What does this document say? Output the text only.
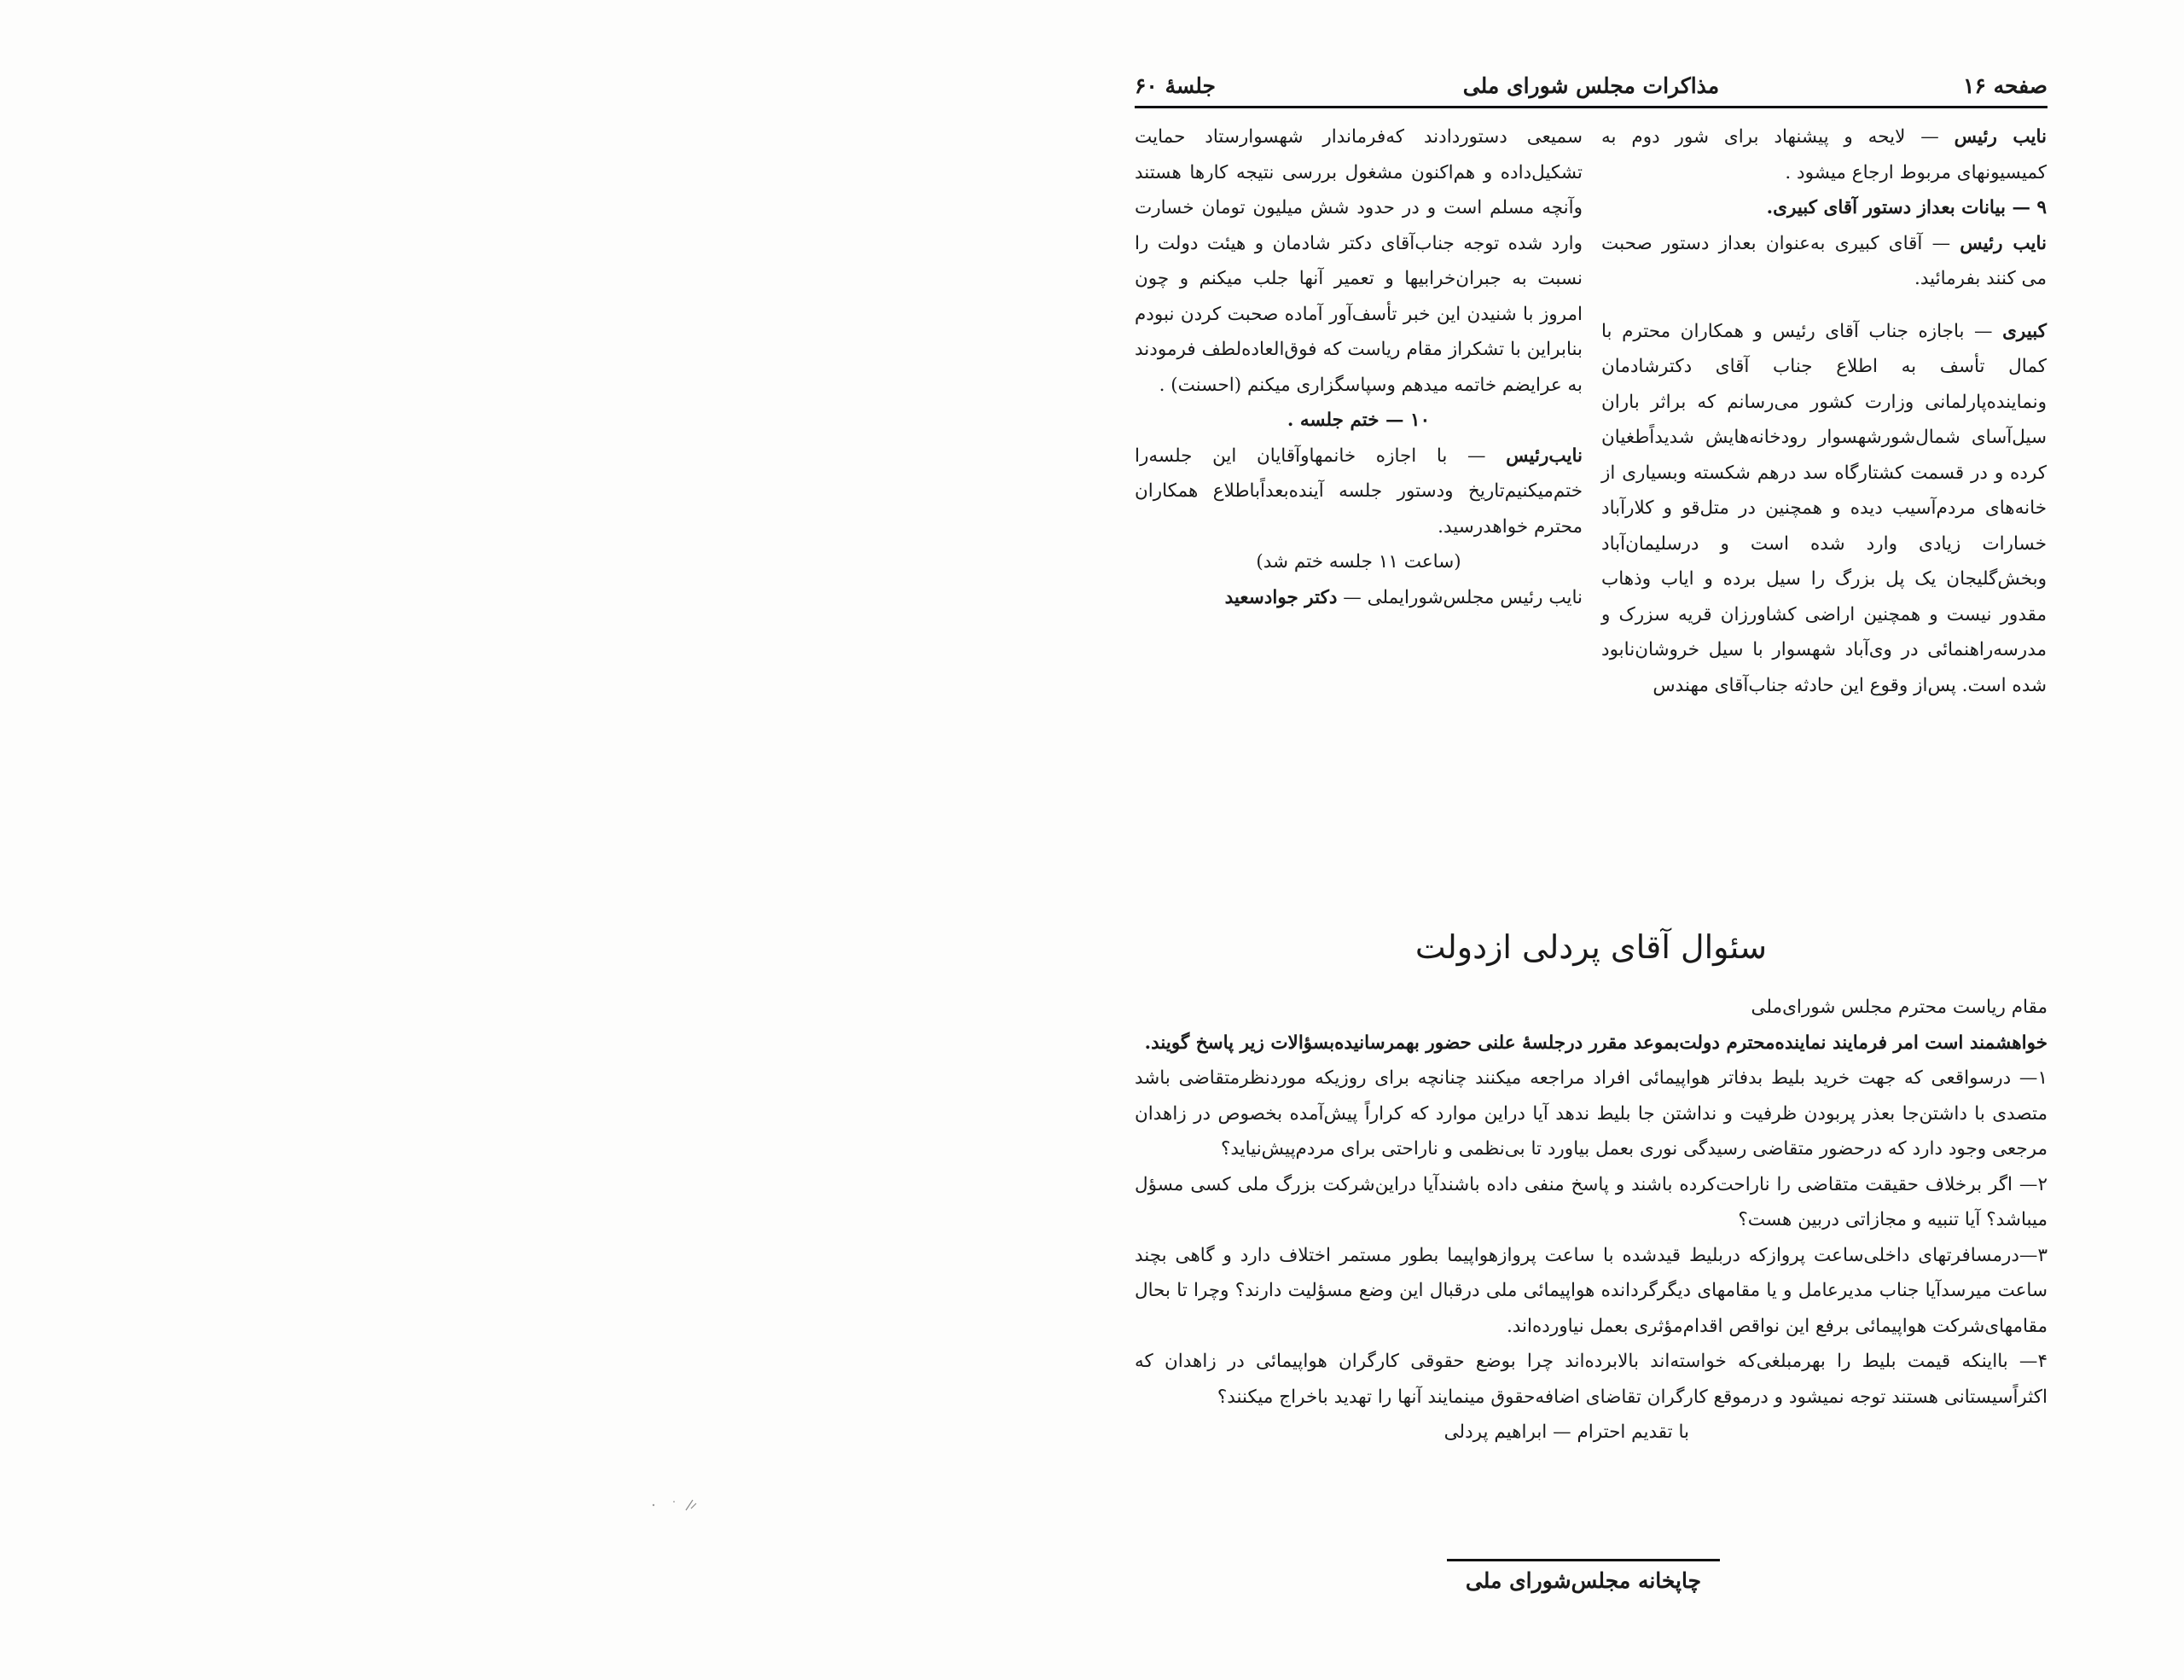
صفحه ۱۶
مذاکرات مجلس شورای ملی
جلسهٔ ۶۰

نایب رئیس — لایحه و پیشنهاد برای شور دوم به کمیسیونهای مربوط ارجاع میشود .

۹ — بیانات بعداز دستور آقای کبیری.

نایب رئیس — آقای کبیری به‌عنوان بعداز دستور صحبت می کنند بفرمائید.

کبیری — باجازه جناب آقای رئیس و همکاران محترم با کمال تأسف به اطلاع جناب آقای دکترشادمان ونماینده‌پارلمانی وزارت کشور می‌رسانم که براثر باران سیل‌آسای شمال‌شورشهسوار رودخانه‌هایش شدیداًطغیان کرده و در قسمت کشتارگاه سد درهم شکسته وبسیاری از خانه‌های مردم‌آسیب دیده و همچنین در متل‌قو و کلارآباد خسارات زیادی وارد شده است و درسلیمان‌آباد وبخش‌گلیجان یک پل بزرگ را سیل برده و ایاب وذهاب مقدور نیست و همچنین اراضی کشاورزان قریه سزرک و مدرسه‌راهنمائی در وی‌آباد شهسوار با سیل خروشان‌نابود شده است. پس‌از وقوع این حادثه جناب‌آقای مهندس

سمیعی دستوردادند که‌فرماندار شهسوارستاد حمایت تشکیل‌داده و هم‌اکنون مشغول بررسی نتیجه کارها هستند وآنچه مسلم است و در حدود شش میلیون تومان خسارت وارد شده توجه جناب‌آقای دکتر شادمان و هیئت دولت را نسبت به جبران‌خرابیها و تعمیر آنها جلب میکنم و چون امروز با شنیدن این خبر تأسف‌آور آماده صحبت کردن نبودم بنابراین با تشکراز مقام ریاست که فوق‌العاده‌لطف فرمودند به عرایضم خاتمه میدهم وسپاسگزاری میکنم (احسنت) .

۱۰ — ختم جلسه .

نایب‌رئیس — با اجازه خانمهاوآقایان این جلسه‌را ختم‌میکنیم‌تاریخ ودستور جلسه آینده‌بعداًباطلاع همکاران محترم خواهدرسید.

(ساعت ۱۱ جلسه ختم شد)

نایب رئیس مجلس‌شورایملی — دکتر جوادسعید

سئوال آقای پردلی ازدولت

مقام ریاست محترم مجلس شورای‌ملی

خواهشمند است امر فرمایند نماینده‌محترم دولت‌بموعد مقرر درجلسهٔ علنی حضور بهمرسانیده‌بسؤالات زیر پاسخ گویند.

۱— درسواقعی که جهت خرید بلیط بدفاتر هواپیمائی افراد مراجعه میکنند چنانچه برای روزیکه موردنظرمتقاضی باشد متصدی با داشتن‌جا بعذر پربودن ظرفیت و نداشتن جا بلیط ندهد آیا دراین موارد که کراراً پیش‌آمده بخصوص در زاهدان مرجعی وجود دارد که درحضور متقاضی رسیدگی نوری بعمل بیاورد تا بی‌نظمی و ناراحتی برای مردم‌پیش‌نیاید؟

۲— اگر برخلاف حقیقت متقاضی را ناراحت‌کرده باشند و پاسخ منفی داده باشندآیا دراین‌شرکت بزرگ ملی کسی مسؤل میباشد؟ آیا تنبیه و مجازاتی دربین هست؟

۳—درمسافرتهای داخلی‌ساعت پروازکه دربلیط قیدشده با ساعت پروازهواپیما بطور مستمر اختلاف دارد و گاهی بچند ساعت میرسدآیا جناب مدیرعامل و یا مقامهای دیگرگردانده هواپیمائی ملی درقبال این وضع مسؤلیت دارند؟ وچرا تا بحال مقامهای‌شرکت هواپیمائی برفع این نواقص اقدام‌مؤثری بعمل نیاورده‌اند.

۴— بااینکه قیمت بلیط را بهرمبلغی‌که خواسته‌اند بالابرده‌اند چرا بوضع حقوقی کارگران هواپیمائی در زاهدان که اکثراًسیستانی هستند توجه نمیشود و درموقع کارگران تقاضای اضافه‌حقوق مینمایند آنها را تهدید باخراج میکنند؟

با تقدیم احترام — ابراهیم پردلی

چاپخانه مجلس‌شورای ملی
